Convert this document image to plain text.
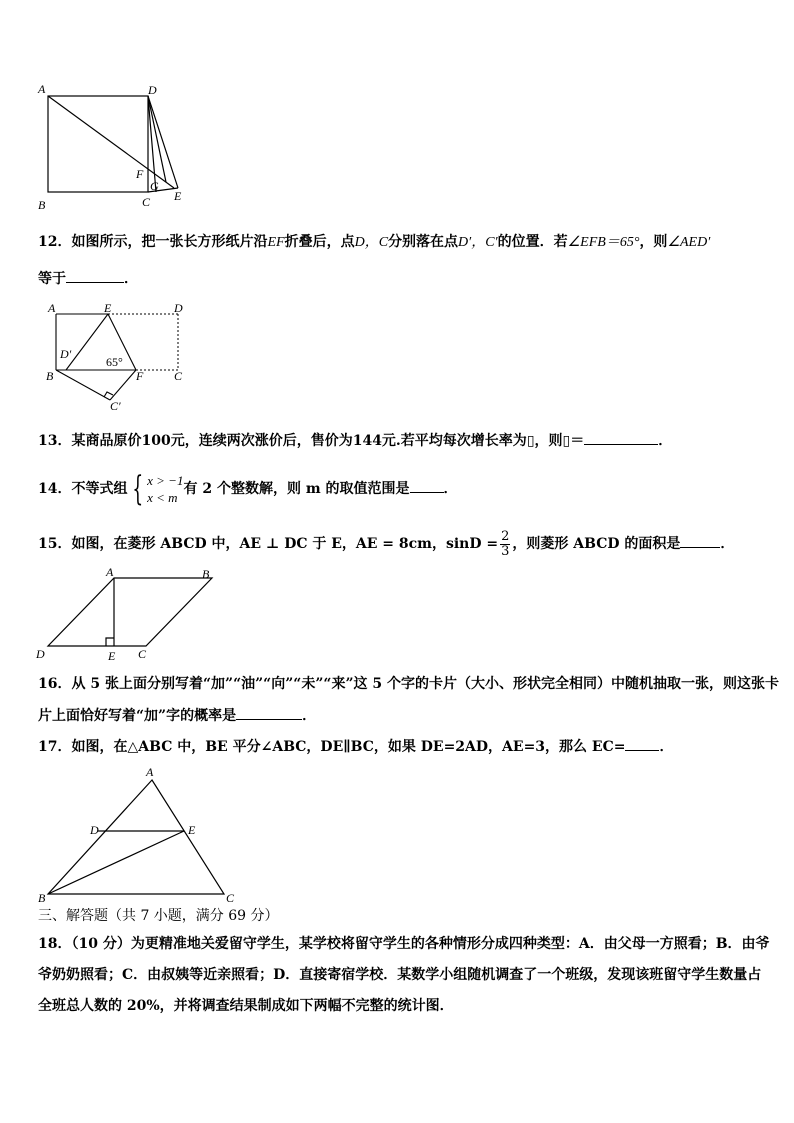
A	D
B	C
F
G
E
12．如图所示，把一张长方形纸片沿EF折叠后，点D，C分别落在点D′，C′的位置．若∠EFB＝65°，则∠AED′
等于	．
A	E	D
D′
65°
B	F	C
C′
13．某商品原价100元，连续两次涨价后，售价为144元.若平均每次增长率为▯，则▯＝	．
14．不等式组 { x > −1
x < m
有 2 个整数解，则 m 的取值范围是 ．
15．如图，在菱形 ABCD 中，AE ⊥ DC 于 E，AE = 8cm，$\sin D = \frac{2}{3}$ ，则菱形 ABCD 的面积是	．
A	B
D	E C
16．从 5 张上面分别写着“加”“油”“向”“未”“来”这 5 个字的卡片（大小、形状完全相同）中随机抽取一张，则这张卡
片上面恰好写着“加”字的概率是	．
17．如图，在△ABC 中，BE 平分∠ABC，DE∥BC，如果 DE=2AD，AE=3，那么 EC= ．
A
D	E
B	C
三、解答题（共 7 小题，满分 69 分）
18．（10 分）为更精准地关爱留守学生，某学校将留守学生的各种情形分成四种类型：A．由父母一方照看；B．由爷
爷奶奶照看；C．由叔姨等近亲照看；D．直接寄宿学校．某数学小组随机调查了一个班级，发现该班留守学生数量占
全班总人数的 20%，并将调查结果制成如下两幅不完整的统计图．
